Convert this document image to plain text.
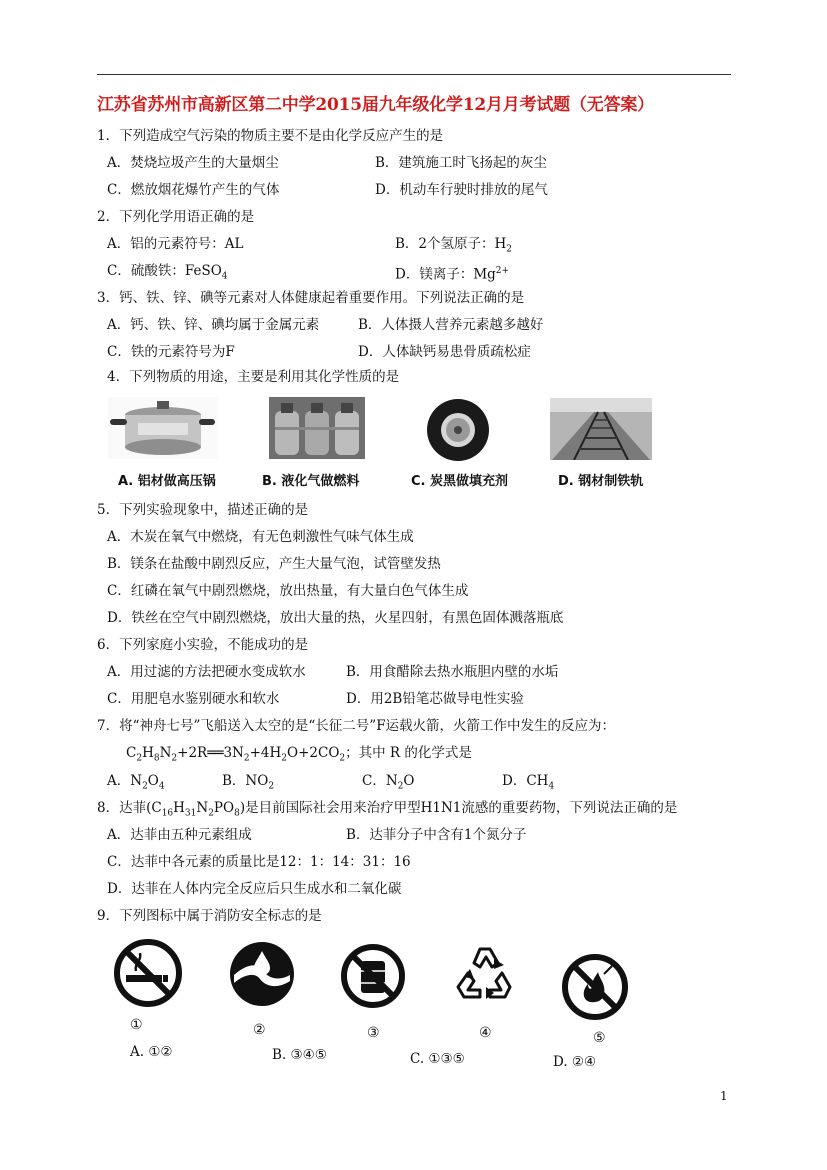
江苏省苏州市高新区第二中学2015届九年级化学12月月考试题（无答案）
1．下列造成空气污染的物质主要不是由化学反应产生的是
A．焚烧垃圾产生的大量烟尘	B．建筑施工时飞扬起的灰尘
C．燃放烟花爆竹产生的气体	D．机动车行驶时排放的尾气
2．下列化学用语正确的是
A．铝的元素符号：AL	B．2个氢原子：$H_2$
C．硫酸铁：FeSO$_4$	D．镁离子：$Mg^{2+}$
3．钙、铁、锌、碘等元素对人体健康起着重要作用。下列说法正确的是
A．钙、铁、锌、碘均属于金属元素	B．人体摄人营养元素越多越好
C．铁的元素符号为F	D．人体缺钙易患骨质疏松症
4．下列物质的用途，主要是利用其化学性质的是
A. 铝材做高压锅	B. 液化气做燃料	C. 炭黑做填充剂	D. 钢材制铁轨
5．下列实验现象中，描述正确的是
A．木炭在氧气中燃烧，有无色刺激性气味气体生成
B．镁条在盐酸中剧烈反应，产生大量气泡，试管壁发热
C．红磷在氧气中剧烈燃烧，放出热量，有大量白色气体生成
D．铁丝在空气中剧烈燃烧，放出大量的热，火星四射，有黑色固体溅落瓶底
6．下列家庭小实验，不能成功的是
A．用过滤的方法把硬水变成软水	B．用食醋除去热水瓶胆内壁的水垢
C．用肥皂水鉴别硬水和软水	D．用2B铅笔芯做导电性实验
7．将“神舟七号”飞船送入太空的是“长征二号”F运载火箭，火箭工作中发生的反应为：
$C_2H_8N_2+2R══3N_2+4H_2O+2CO_2$；其中 R 的化学式是
A．$N_2O_4$	B．$NO_2$	C．$N_2O$	D．$CH_4$
8．达菲$(C_{16}H_{31}N_2PO_8)$是目前国际社会用来治疗甲型H1N1流感的重要药物，下列说法正确的是
A．达菲由五种元素组成	B．达菲分子中含有1个氮分子
C．达菲中各元素的质量比是12：1：14：31：16
D．达菲在人体内完全反应后只生成水和二氧化碳
9．下列图标中属于消防安全标志的是
①	②	③	④	⑤
A. ①②	B. ③④⑤	C. ①③⑤	D. ②④
1
